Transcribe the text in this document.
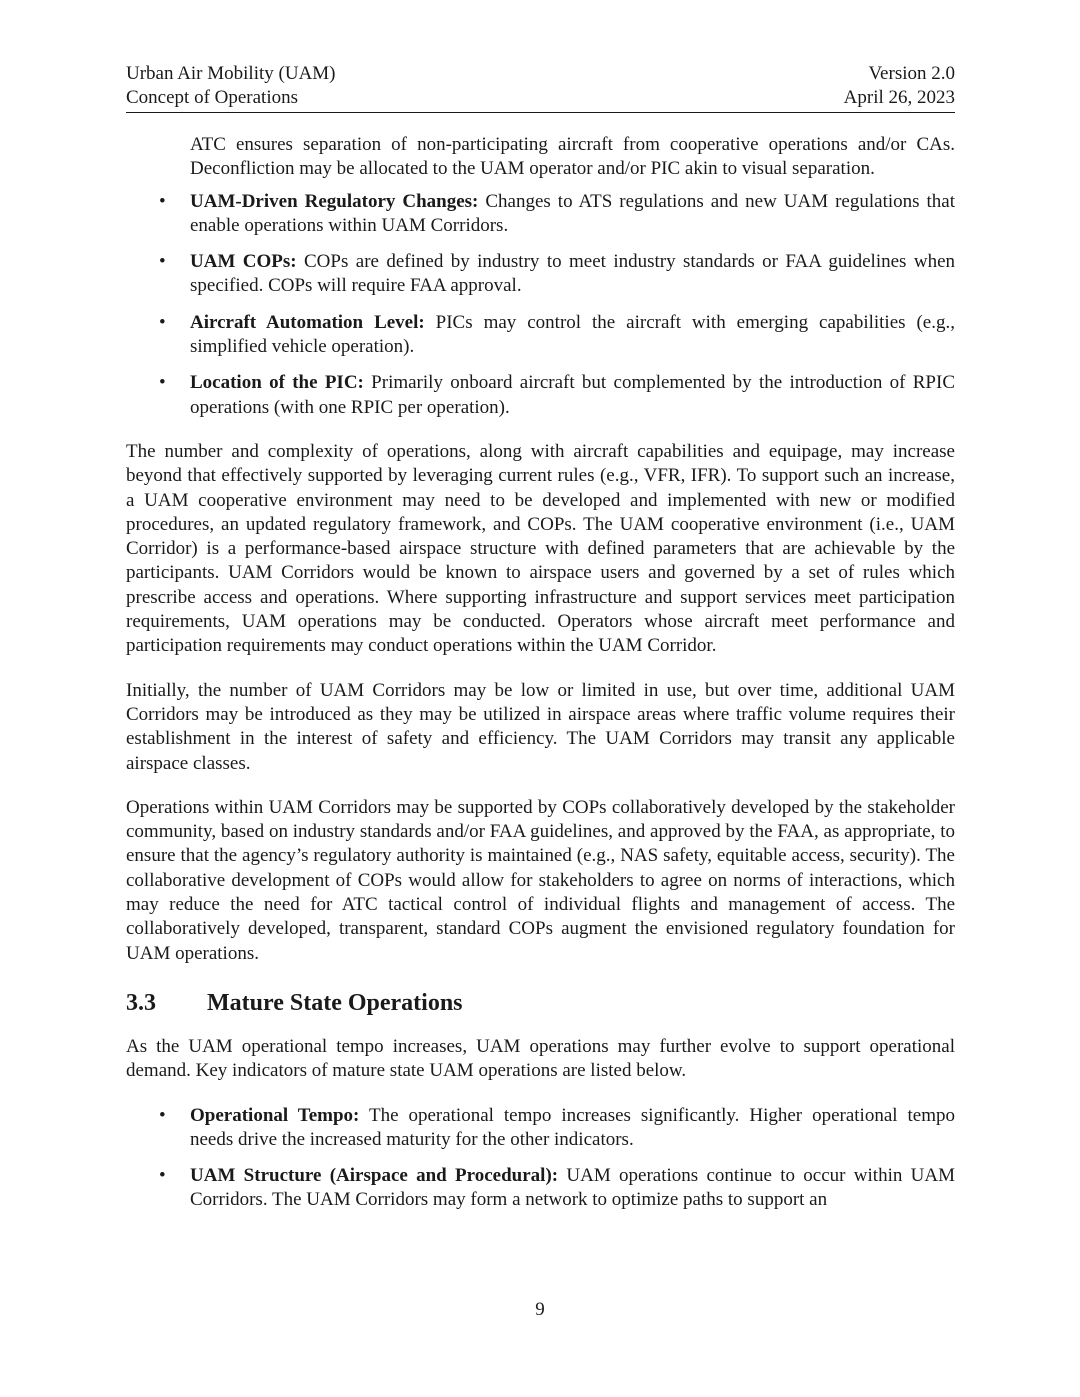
Urban Air Mobility (UAM)	Version 2.0
Concept of Operations	April 26, 2023

ATC ensures separation of non-participating aircraft from cooperative operations and/or CAs. Deconfliction may be allocated to the UAM operator and/or PIC akin to visual separation.

• UAM-Driven Regulatory Changes: Changes to ATS regulations and new UAM regulations that enable operations within UAM Corridors.
• UAM COPs: COPs are defined by industry to meet industry standards or FAA guidelines when specified. COPs will require FAA approval.
• Aircraft Automation Level: PICs may control the aircraft with emerging capabilities (e.g., simplified vehicle operation).
• Location of the PIC: Primarily onboard aircraft but complemented by the introduction of RPIC operations (with one RPIC per operation).

The number and complexity of operations, along with aircraft capabilities and equipage, may increase beyond that effectively supported by leveraging current rules (e.g., VFR, IFR). To support such an increase, a UAM cooperative environment may need to be developed and implemented with new or modified procedures, an updated regulatory framework, and COPs. The UAM cooperative environment (i.e., UAM Corridor) is a performance-based airspace structure with defined parameters that are achievable by the participants. UAM Corridors would be known to airspace users and governed by a set of rules which prescribe access and operations. Where supporting infrastructure and support services meet participation requirements, UAM operations may be conducted. Operators whose aircraft meet performance and participation requirements may conduct operations within the UAM Corridor.

Initially, the number of UAM Corridors may be low or limited in use, but over time, additional UAM Corridors may be introduced as they may be utilized in airspace areas where traffic volume requires their establishment in the interest of safety and efficiency. The UAM Corridors may transit any applicable airspace classes.

Operations within UAM Corridors may be supported by COPs collaboratively developed by the stakeholder community, based on industry standards and/or FAA guidelines, and approved by the FAA, as appropriate, to ensure that the agency’s regulatory authority is maintained (e.g., NAS safety, equitable access, security). The collaborative development of COPs would allow for stakeholders to agree on norms of interactions, which may reduce the need for ATC tactical control of individual flights and management of access. The collaboratively developed, transparent, standard COPs augment the envisioned regulatory foundation for UAM operations.

3.3	Mature State Operations

As the UAM operational tempo increases, UAM operations may further evolve to support operational demand. Key indicators of mature state UAM operations are listed below.

• Operational Tempo: The operational tempo increases significantly. Higher operational tempo needs drive the increased maturity for the other indicators.
• UAM Structure (Airspace and Procedural): UAM operations continue to occur within UAM Corridors. The UAM Corridors may form a network to optimize paths to support an
9
